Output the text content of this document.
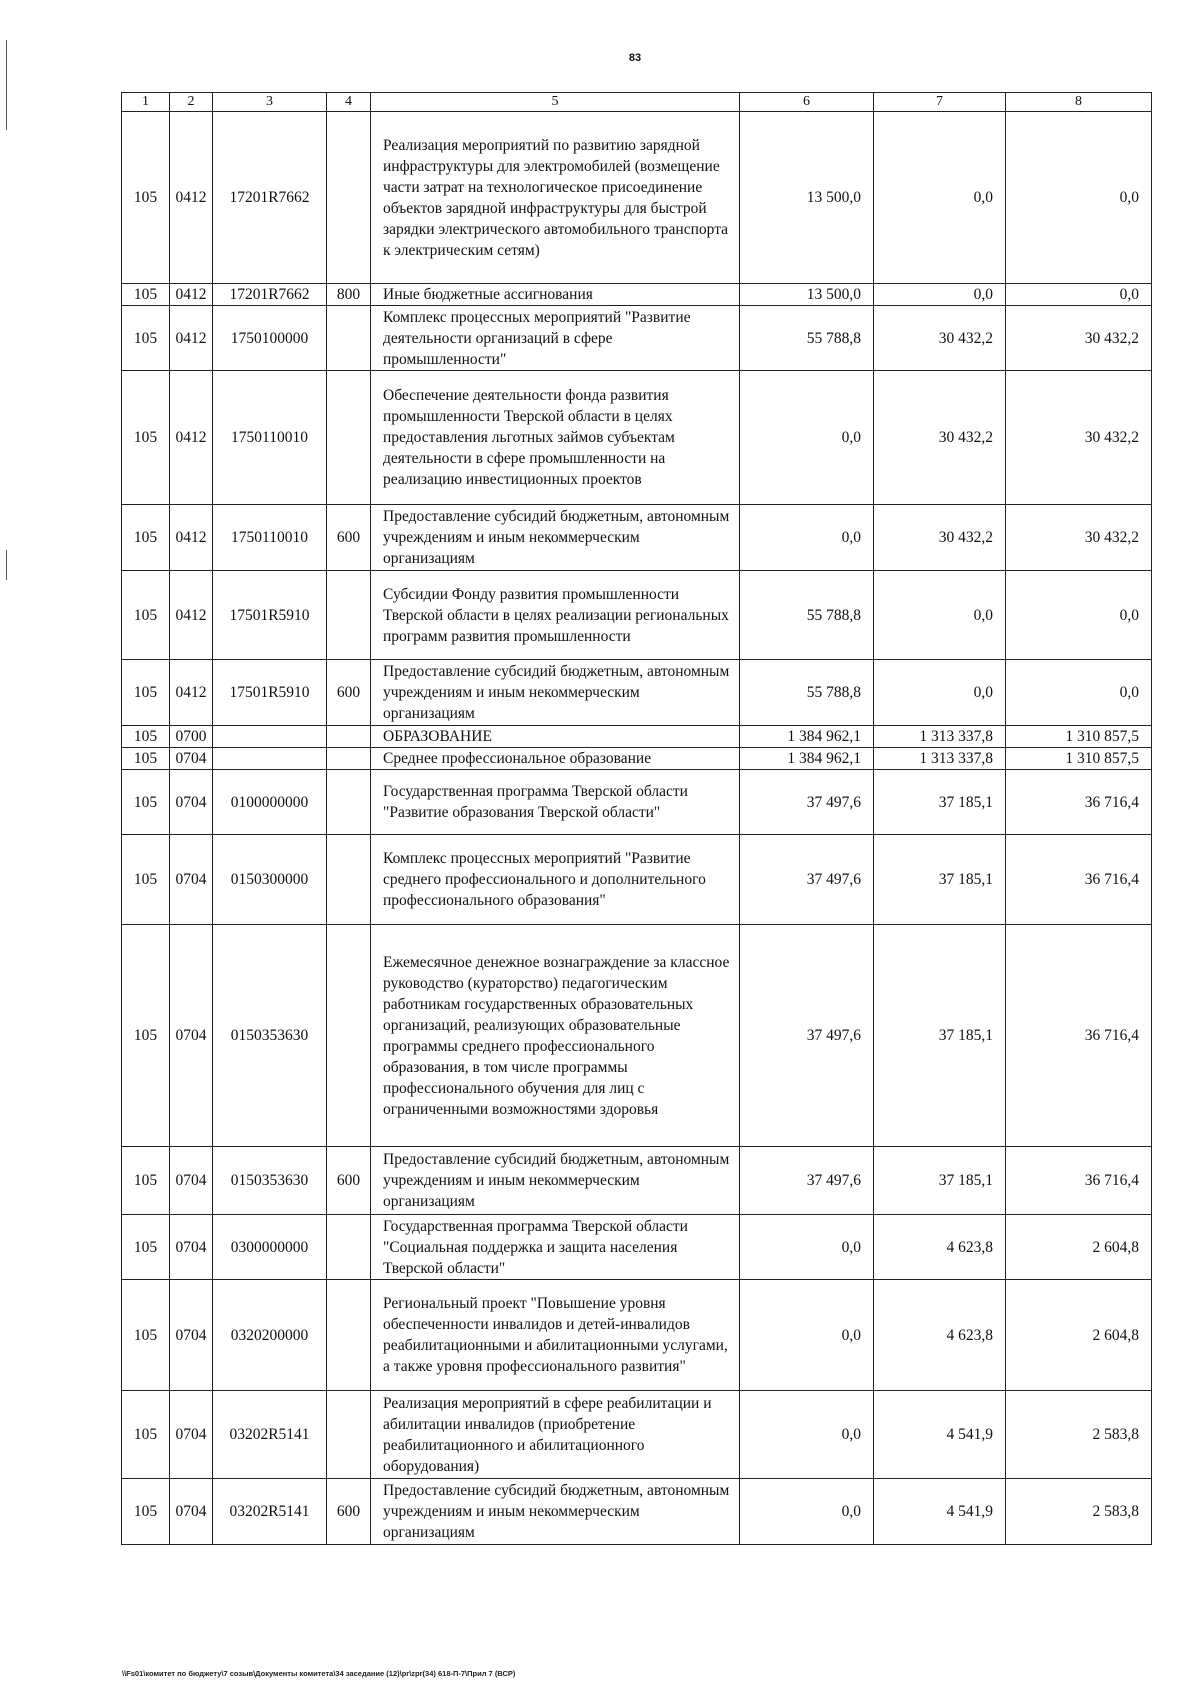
83
1	2	3	4	5	6	7	8
105	0412	17201R7662		Реализация мероприятий по развитию зарядной инфраструктуры для электромобилей (возмещение части затрат на технологическое присоединение объектов зарядной инфраструктуры для быстрой зарядки электрического автомобильного транспорта к электрическим сетям)	13 500,0	0,0	0,0
105	0412	17201R7662	800	Иные бюджетные ассигнования	13 500,0	0,0	0,0
105	0412	1750100000		Комплекс процессных мероприятий "Развитие деятельности организаций в сфере промышленности"	55 788,8	30 432,2	30 432,2
105	0412	1750110010		Обеспечение деятельности фонда развития промышленности Тверской области в целях предоставления льготных займов субъектам деятельности в сфере промышленности на реализацию инвестиционных проектов	0,0	30 432,2	30 432,2
105	0412	1750110010	600	Предоставление субсидий бюджетным, автономным учреждениям и иным некоммерческим организациям	0,0	30 432,2	30 432,2
105	0412	17501R5910		Субсидии Фонду развития промышленности Тверской области в целях реализации региональных программ развития промышленности	55 788,8	0,0	0,0
105	0412	17501R5910	600	Предоставление субсидий бюджетным, автономным учреждениям и иным некоммерческим организациям	55 788,8	0,0	0,0
105	0700			ОБРАЗОВАНИЕ	1 384 962,1	1 313 337,8	1 310 857,5
105	0704			Среднее профессиональное образование	1 384 962,1	1 313 337,8	1 310 857,5
105	0704	0100000000		Государственная программа Тверской области "Развитие образования Тверской области"	37 497,6	37 185,1	36 716,4
105	0704	0150300000		Комплекс процессных мероприятий "Развитие среднего профессионального и дополнительного профессионального образования"	37 497,6	37 185,1	36 716,4
105	0704	0150353630		Ежемесячное денежное вознаграждение за классное руководство (кураторство) педагогическим работникам государственных образовательных организаций, реализующих образовательные программы среднего профессионального образования, в том числе программы профессионального обучения для лиц с ограниченными возможностями здоровья	37 497,6	37 185,1	36 716,4
105	0704	0150353630	600	Предоставление субсидий бюджетным, автономным учреждениям и иным некоммерческим организациям	37 497,6	37 185,1	36 716,4
105	0704	0300000000		Государственная программа Тверской области "Социальная поддержка и защита населения Тверской области"	0,0	4 623,8	2 604,8
105	0704	0320200000		Региональный проект "Повышение уровня обеспеченности инвалидов и детей-инвалидов реабилитационными и абилитационными услугами, а также уровня профессионального развития"	0,0	4 623,8	2 604,8
105	0704	03202R5141		Реализация мероприятий в сфере реабилитации и абилитации инвалидов (приобретение реабилитационного и абилитационного оборудования)	0,0	4 541,9	2 583,8
105	0704	03202R5141	600	Предоставление субсидий бюджетным, автономным учреждениям и иным некоммерческим организациям	0,0	4 541,9	2 583,8
\\Fs01\комитет по бюджету\7 созыв\Документы комитета\34 заседание (12)\pr\zpr(34) 618-П-7\Прил 7 (ВСР)
